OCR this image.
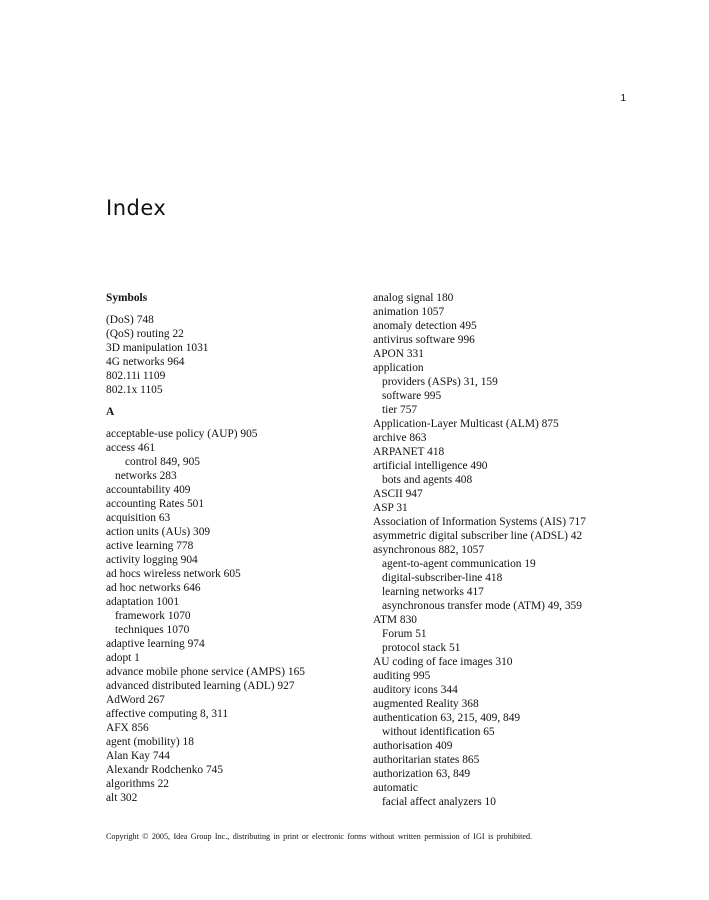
1
Index
Symbols
(DoS) 748
(QoS) routing 22
3D manipulation 1031
4G networks 964
802.11i 1109
802.1x 1105
A
acceptable-use policy (AUP) 905
access 461
control 849, 905
networks 283
accountability 409
accounting Rates 501
acquisition 63
action units (AUs) 309
active learning 778
activity logging 904
ad hocs wireless network 605
ad hoc networks 646
adaptation 1001
framework 1070
techniques 1070
adaptive learning 974
adopt 1
advance mobile phone service (AMPS) 165
advanced distributed learning (ADL) 927
AdWord 267
affective computing 8, 311
AFX 856
agent (mobility) 18
Alan Kay 744
Alexandr Rodchenko 745
algorithms 22
alt 302
analog signal 180
animation 1057
anomaly detection 495
antivirus software 996
APON 331
application
providers (ASPs) 31, 159
software 995
tier 757
Application-Layer Multicast (ALM) 875
archive 863
ARPANET 418
artificial intelligence 490
bots and agents 408
ASCII 947
ASP 31
Association of Information Systems (AIS) 717
asymmetric digital subscriber line (ADSL) 42
asynchronous 882, 1057
agent-to-agent communication 19
digital-subscriber-line 418
learning networks 417
asynchronous transfer mode (ATM) 49, 359
ATM 830
Forum 51
protocol stack 51
AU coding of face images 310
auditing 995
auditory icons 344
augmented Reality 368
authentication 63, 215, 409, 849
without identification 65
authorisation 409
authoritarian states 865
authorization 63, 849
automatic
facial affect analyzers 10
Copyright © 2005, Idea Group Inc., distributing in print or electronic forms without written permission of IGI is prohibited.
